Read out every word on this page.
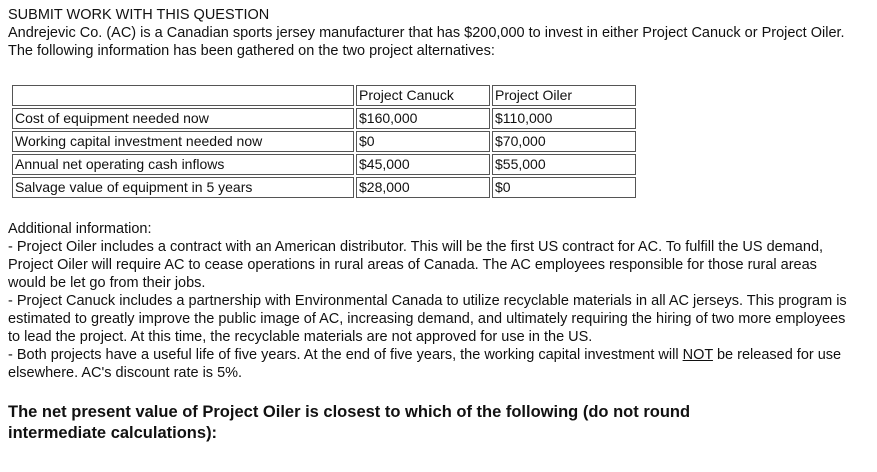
SUBMIT WORK WITH THIS QUESTION

Andrejevic Co. (AC) is a Canadian sports jersey manufacturer that has $200,000 to invest in either Project Canuck or Project Oiler. The following information has been gathered on the two project alternatives:

	Project Canuck	Project Oiler
Cost of equipment needed now	$160,000	$110,000
Working capital investment needed now	$0	$70,000
Annual net operating cash inflows	$45,000	$55,000
Salvage value of equipment in 5 years	$28,000	$0

Additional information:

- Project Oiler includes a contract with an American distributor. This will be the first US contract for AC. To fulfill the US demand, Project Oiler will require AC to cease operations in rural areas of Canada. The AC employees responsible for those rural areas would be let go from their jobs.

- Project Canuck includes a partnership with Environmental Canada to utilize recyclable materials in all AC jerseys. This program is estimated to greatly improve the public image of AC, increasing demand, and ultimately requiring the hiring of two more employees to lead the project. At this time, the recyclable materials are not approved for use in the US.

- Both projects have a useful life of five years. At the end of five years, the working capital investment will NOT be released for use elsewhere. AC's discount rate is 5%.

The net present value of Project Oiler is closest to which of the following (do not round intermediate calculations):
